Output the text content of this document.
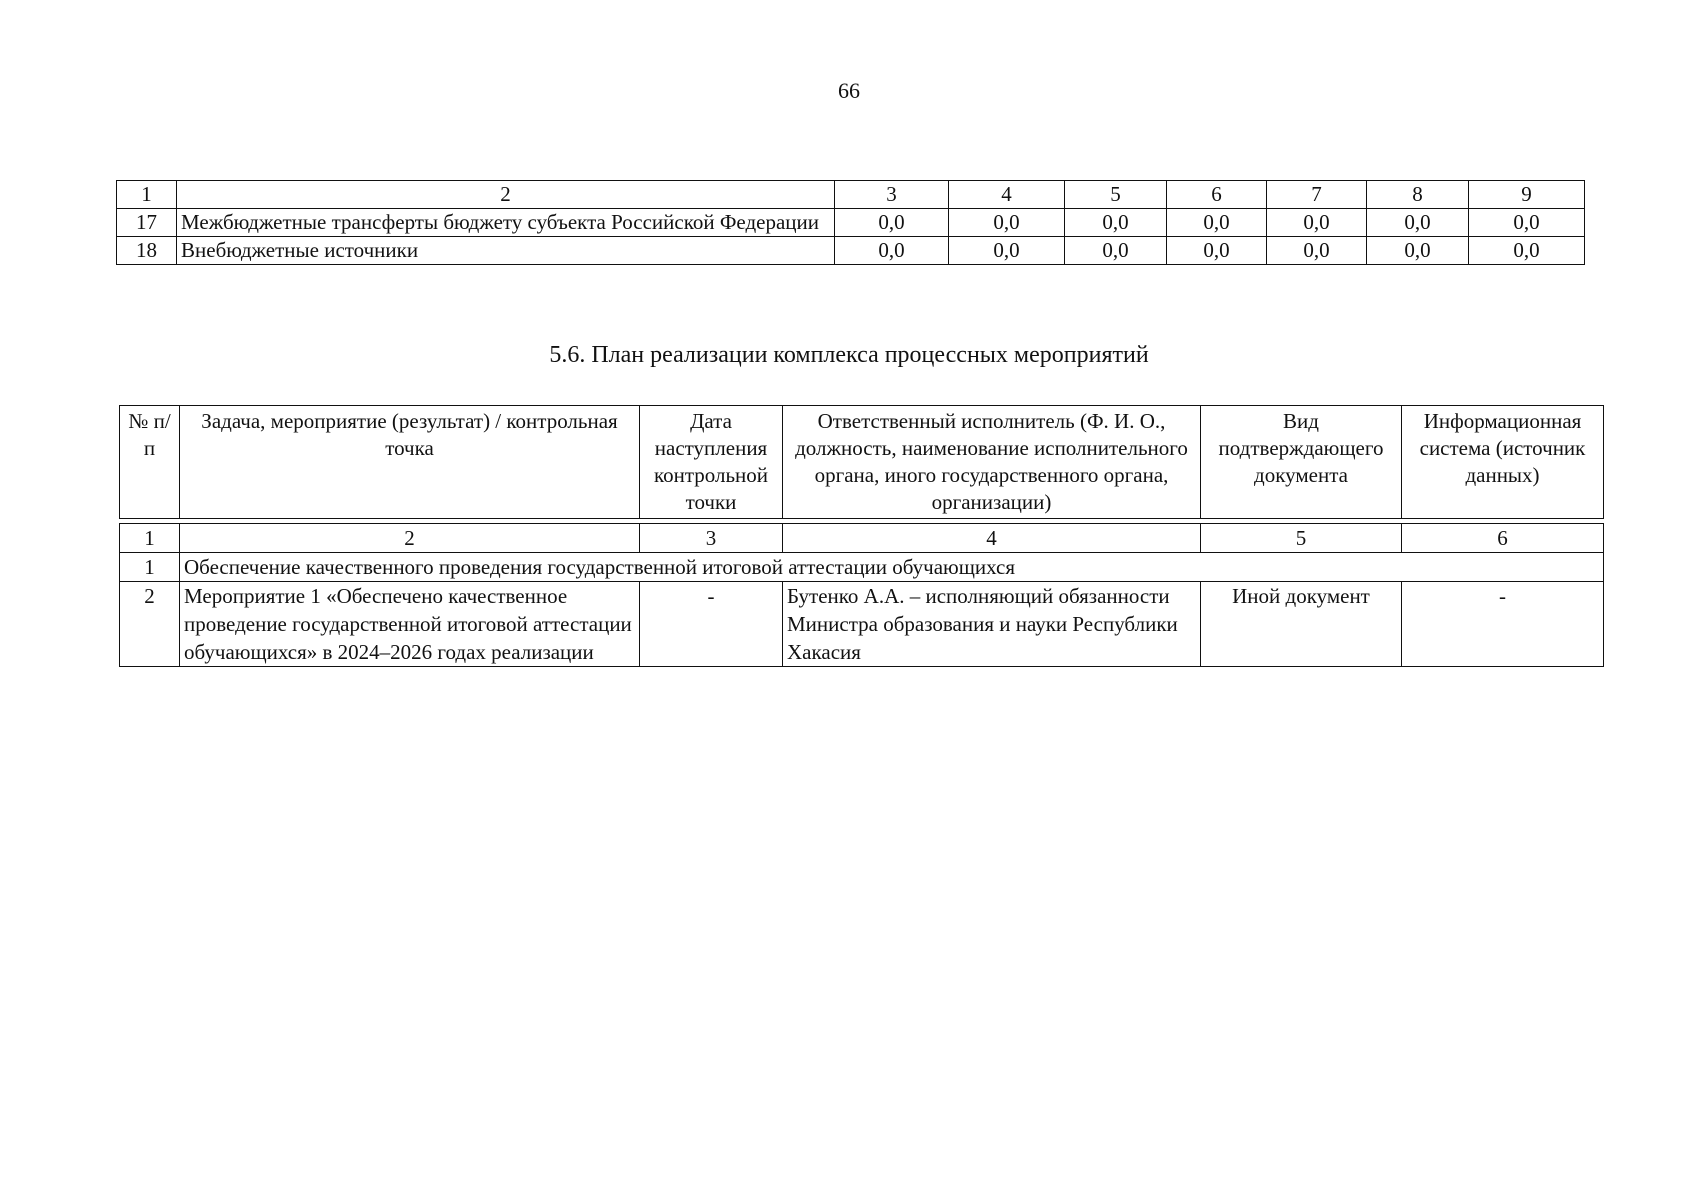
66
1	2	3	4	5	6	7	8	9
17	Межбюджетные трансферты бюджету субъекта Российской Федерации	0,0	0,0	0,0	0,0	0,0	0,0	0,0
18	Внебюджетные источники	0,0	0,0	0,0	0,0	0,0	0,0	0,0
5.6. План реализации комплекса процессных мероприятий
№ п/п	Задача, мероприятие (результат) / контрольная точка	Дата наступления контрольной точки	Ответственный исполнитель (Ф. И. О., должность, наименование исполнительного органа, иного государственного органа, организации)	Вид подтверждающего документа	Информационная система (источник данных)

1	2	3	4	5	6
1	Обеспечение качественного проведения государственной итоговой аттестации обучающихся				
2	Мероприятие 1 «Обеспечено качественное проведение государственной итоговой аттестации обучающихся» в 2024–2026 годах реализации	-	Бутенко А.А. – исполняющий обязанности Министра образования и науки Республики Хакасия	Иной документ	-
